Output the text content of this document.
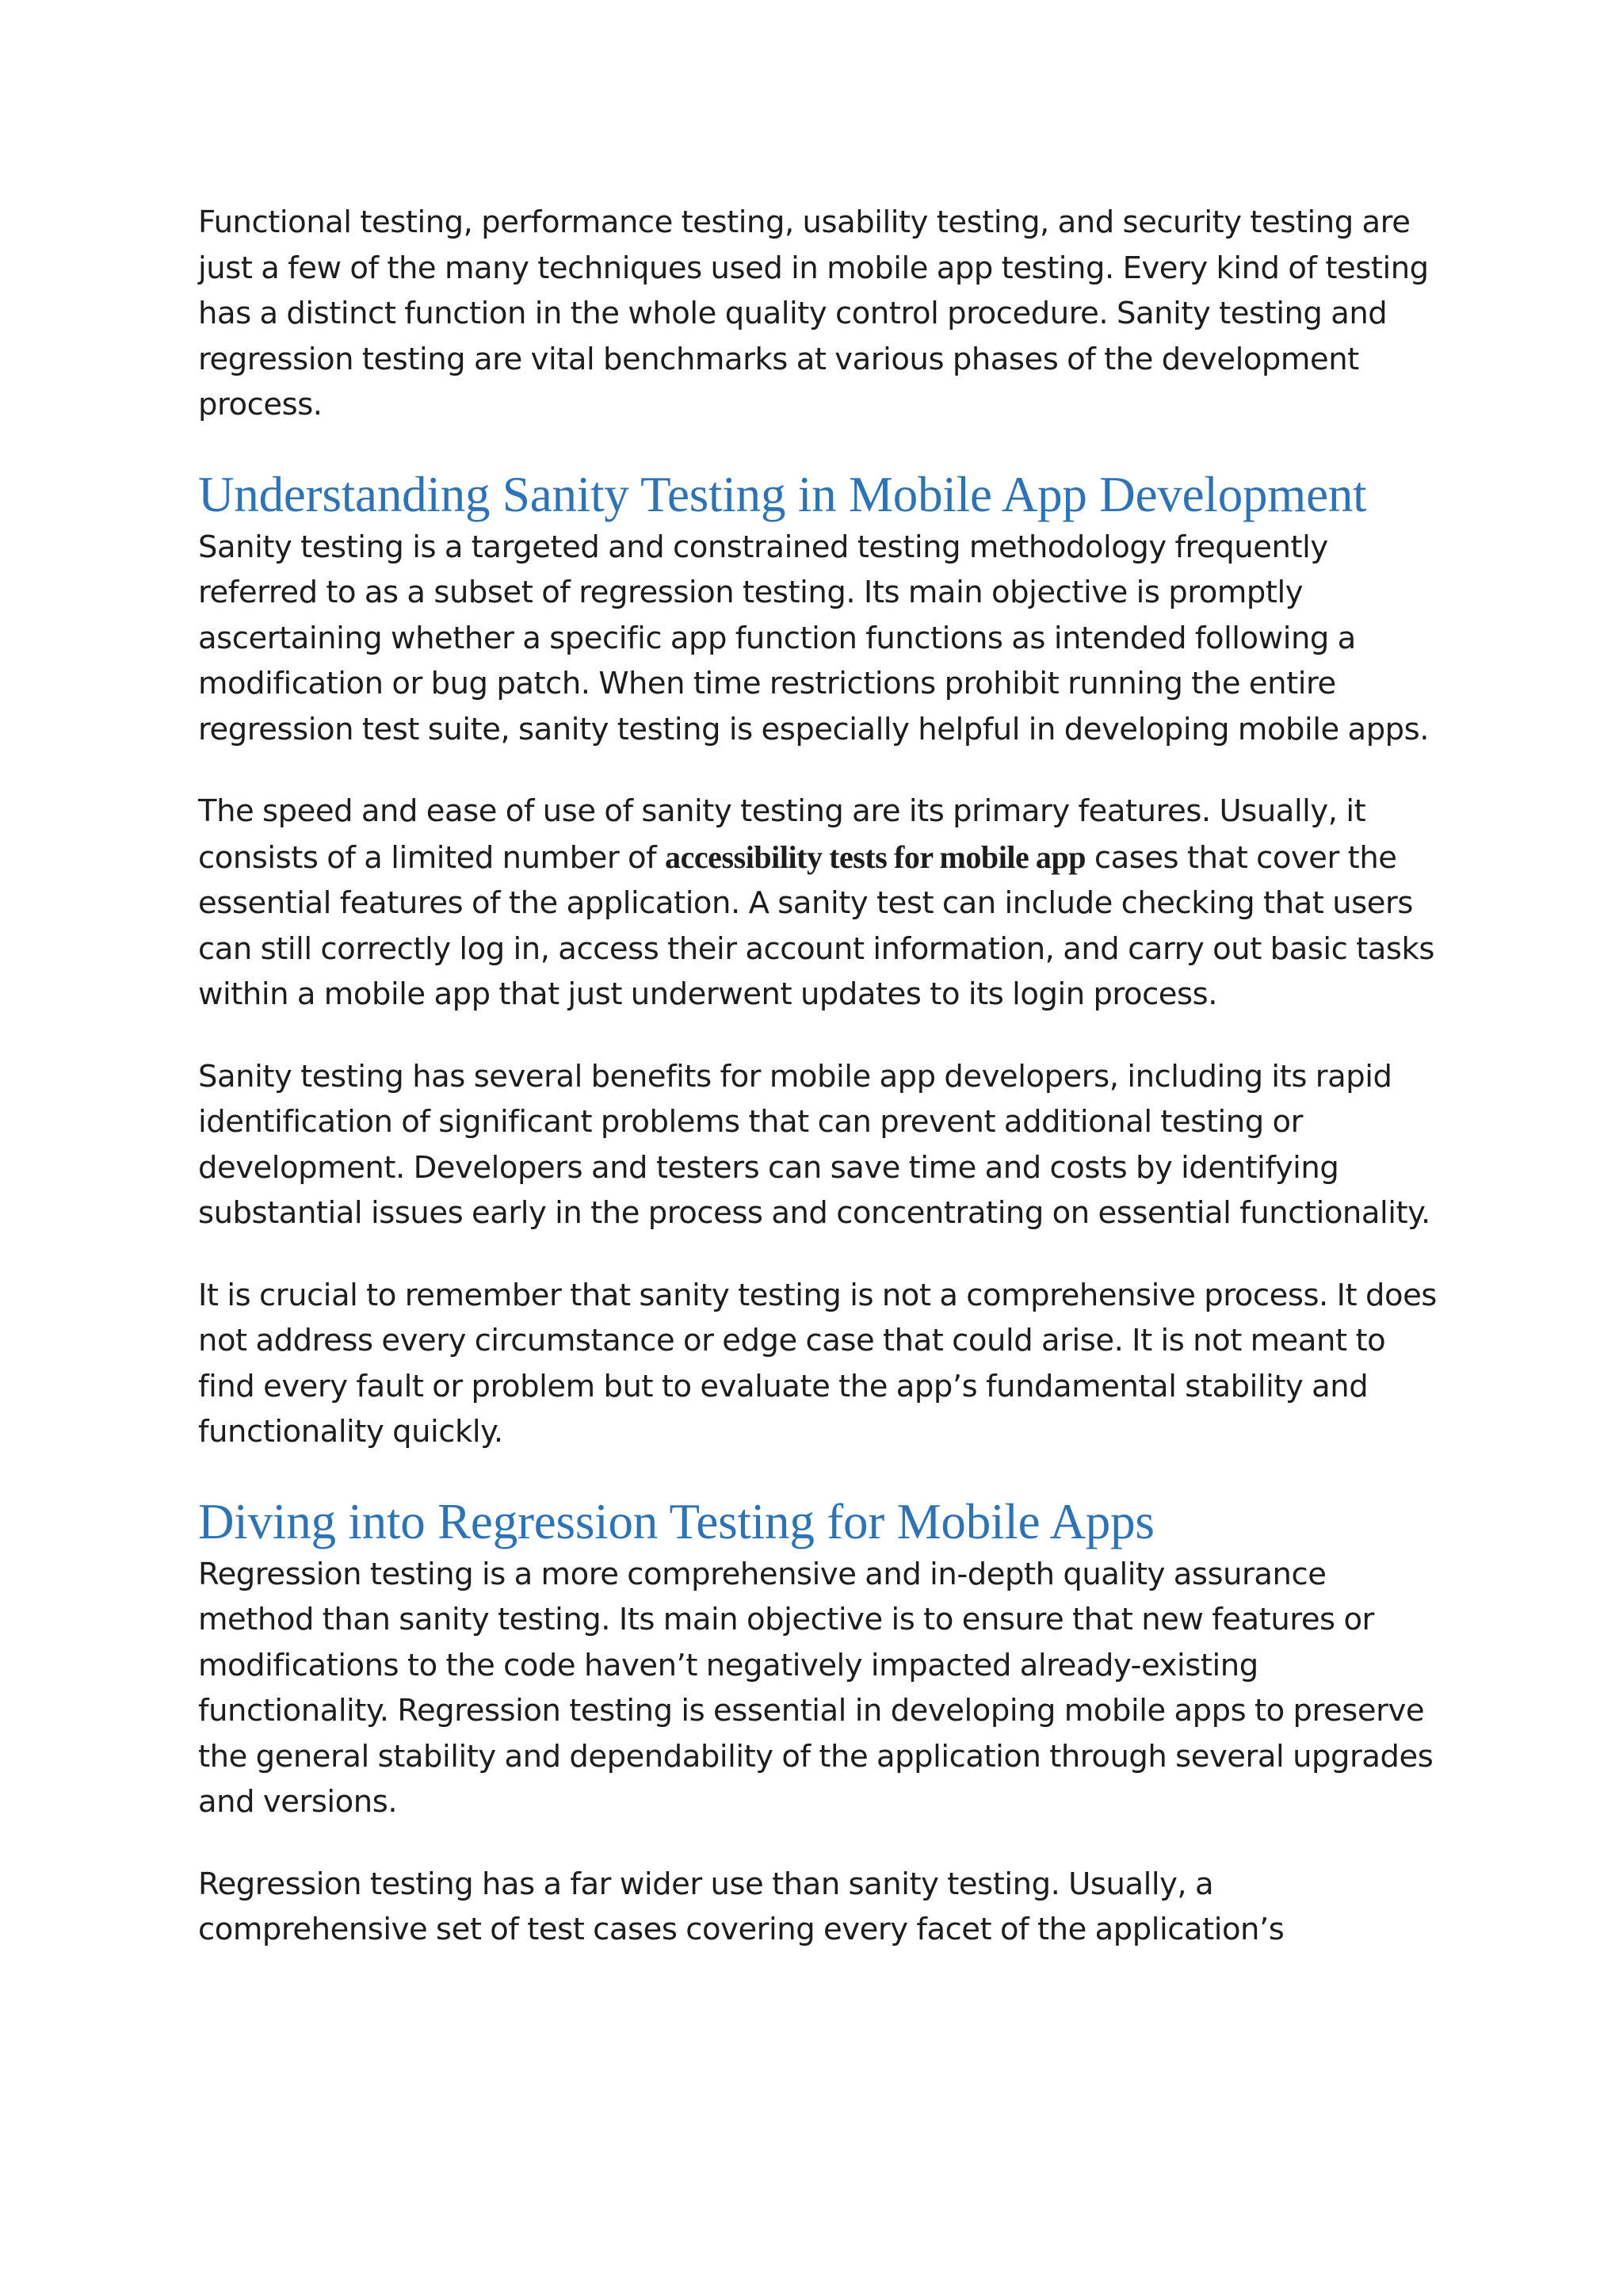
Functional testing, performance testing, usability testing, and security testing are just a few of the many techniques used in mobile app testing. Every kind of testing has a distinct function in the whole quality control procedure. Sanity testing and regression testing are vital benchmarks at various phases of the development process.

Understanding Sanity Testing in Mobile App Development

Sanity testing is a targeted and constrained testing methodology frequently referred to as a subset of regression testing. Its main objective is promptly ascertaining whether a specific app function functions as intended following a modification or bug patch. When time restrictions prohibit running the entire regression test suite, sanity testing is especially helpful in developing mobile apps.

The speed and ease of use of sanity testing are its primary features. Usually, it consists of a limited number of accessibility tests for mobile app cases that cover the essential features of the application. A sanity test can include checking that users can still correctly log in, access their account information, and carry out basic tasks within a mobile app that just underwent updates to its login process.

Sanity testing has several benefits for mobile app developers, including its rapid identification of significant problems that can prevent additional testing or development. Developers and testers can save time and costs by identifying substantial issues early in the process and concentrating on essential functionality.

It is crucial to remember that sanity testing is not a comprehensive process. It does not address every circumstance or edge case that could arise. It is not meant to find every fault or problem but to evaluate the app’s fundamental stability and functionality quickly.

Diving into Regression Testing for Mobile Apps

Regression testing is a more comprehensive and in-depth quality assurance method than sanity testing. Its main objective is to ensure that new features or modifications to the code haven’t negatively impacted already-existing functionality. Regression testing is essential in developing mobile apps to preserve the general stability and dependability of the application through several upgrades and versions.

Regression testing has a far wider use than sanity testing. Usually, a comprehensive set of test cases covering every facet of the application’s
